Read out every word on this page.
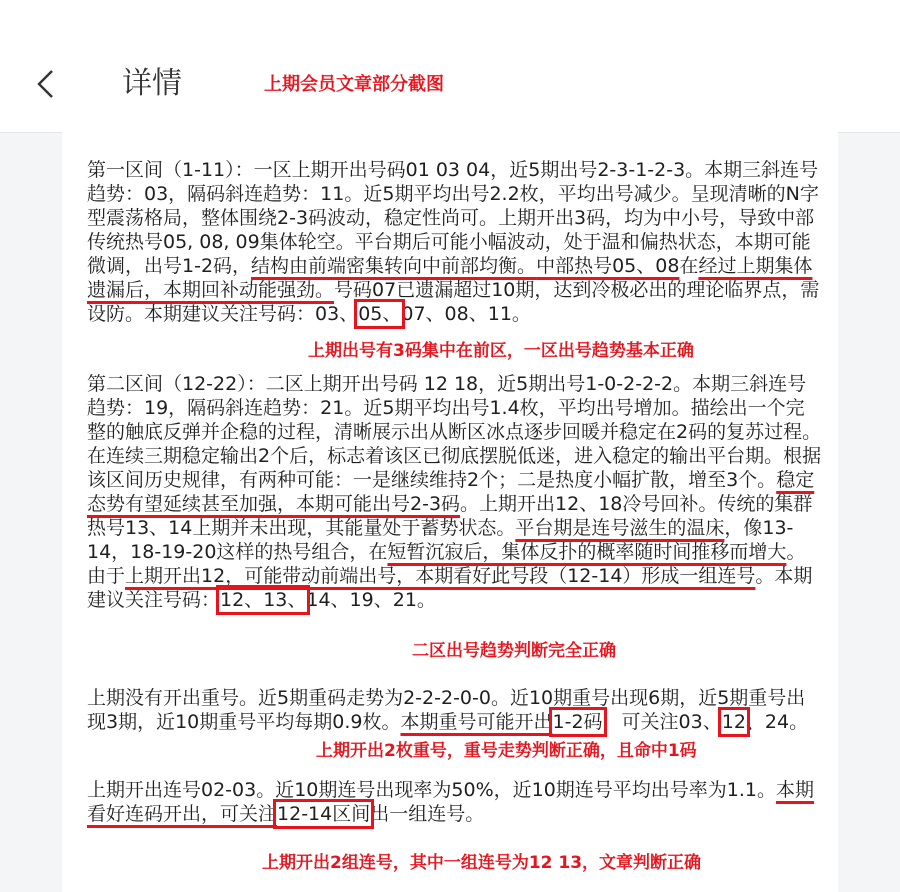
详情	上期会员文章部分截图

第一区间（1-11）：一区上期开出号码01 03 04，近5期出号2-3-1-2-3。本期三斜连号趋势：03，隔码斜连趋势：11。近5期平均出号2.2枚，平均出号减少。呈现清晰的N字型震荡格局，整体围绕2-3码波动，稳定性尚可。上期开出3码，均为中小号，导致中部传统热号05, 08, 09集体轮空。平台期后可能小幅波动，处于温和偏热状态，本期可能微调，出号1-2码，结构由前端密集转向中前部均衡。中部热号05、08在经过上期集体遗漏后，本期回补动能强劲。号码07已遗漏超过10期，达到冷极必出的理论临界点，需设防。本期建议关注号码：03、05、07、08、11。

上期出号有3码集中在前区，一区出号趋势基本正确

第二区间（12-22）：二区上期开出号码 12 18，近5期出号1-0-2-2-2。本期三斜连号趋势：19，隔码斜连趋势：21。近5期平均出号1.4枚，平均出号增加。描绘出一个完整的触底反弹并企稳的过程，清晰展示出从断区冰点逐步回暖并稳定在2码的复苏过程。在连续三期稳定输出2个后，标志着该区已彻底摆脱低迷，进入稳定的输出平台期。根据该区间历史规律，有两种可能：一是继续维持2个；二是热度小幅扩散，增至3个。稳定态势有望延续甚至加强，本期可能出号2-3码。上期开出12、18冷号回补。传统的集群热号13、14上期并未出现，其能量处于蓄势状态。平台期是连号滋生的温床，像13-14，18-19-20这样的热号组合，在短暂沉寂后，集体反扑的概率随时间推移而增大。由于上期开出12，可能带动前端出号，本期看好此号段（12-14）形成一组连号。本期建议关注号码：12、13、14、19、21。

二区出号趋势判断完全正确

上期没有开出重号。近5期重码走势为2-2-2-0-0。近10期重号出现6期，近5期重号出现3期，近10期重号平均每期0.9枚。本期重号可能开出1-2码，可关注03、12、24。

上期开出2枚重号，重号走势判断正确，且命中1码

上期开出连号02-03。近10期连号出现率为50%，近10期连号平均出号率为1.1。本期看好连码开出，可关注12-14区间出一组连号。

上期开出2组连号，其中一组连号为12 13，文章判断正确
